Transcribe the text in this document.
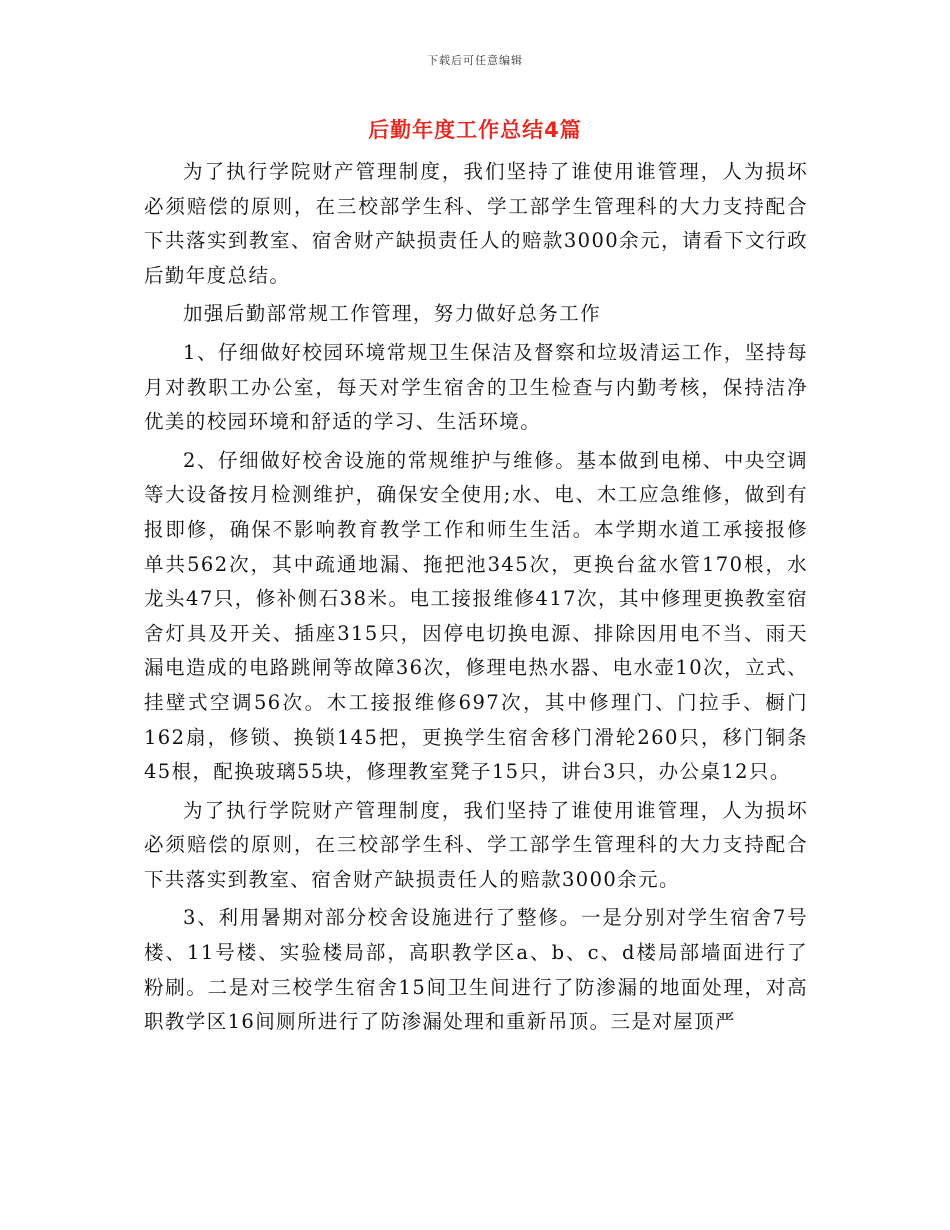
下载后可任意编辑
后勤年度工作总结4篇

为了执行学院财产管理制度，我们坚持了谁使用谁管理，人为损坏必须赔偿的原则，在三校部学生科、学工部学生管理科的大力支持配合下共落实到教室、宿舍财产缺损责任人的赔款3000余元，请看下文行政后勤年度总结。

加强后勤部常规工作管理，努力做好总务工作

1、仔细做好校园环境常规卫生保洁及督察和垃圾清运工作，坚持每月对教职工办公室，每天对学生宿舍的卫生检查与内勤考核，保持洁净优美的校园环境和舒适的学习、生活环境。

2、仔细做好校舍设施的常规维护与维修。基本做到电梯、中央空调等大设备按月检测维护，确保安全使用;水、电、木工应急维修，做到有报即修，确保不影响教育教学工作和师生生活。本学期水道工承接报修单共562次，其中疏通地漏、拖把池345次，更换台盆水管170根，水龙头47只，修补侧石38米。电工接报维修417次，其中修理更换教室宿舍灯具及开关、插座315只，因停电切换电源、排除因用电不当、雨天漏电造成的电路跳闸等故障36次，修理电热水器、电水壶10次，立式、挂壁式空调56次。木工接报维修697次，其中修理门、门拉手、橱门162扇，修锁、换锁145把，更换学生宿舍移门滑轮260只，移门铜条45根，配换玻璃55块，修理教室凳子15只，讲台3只，办公桌12只。

为了执行学院财产管理制度，我们坚持了谁使用谁管理，人为损坏必须赔偿的原则，在三校部学生科、学工部学生管理科的大力支持配合下共落实到教室、宿舍财产缺损责任人的赔款3000余元。

3、利用暑期对部分校舍设施进行了整修。一是分别对学生宿舍7号楼、11号楼、实验楼局部，高职教学区a、b、c、d楼局部墙面进行了粉刷。二是对三校学生宿舍15间卫生间进行了防渗漏的地面处理，对高职教学区16间厕所进行了防渗漏处理和重新吊顶。三是对屋顶严
